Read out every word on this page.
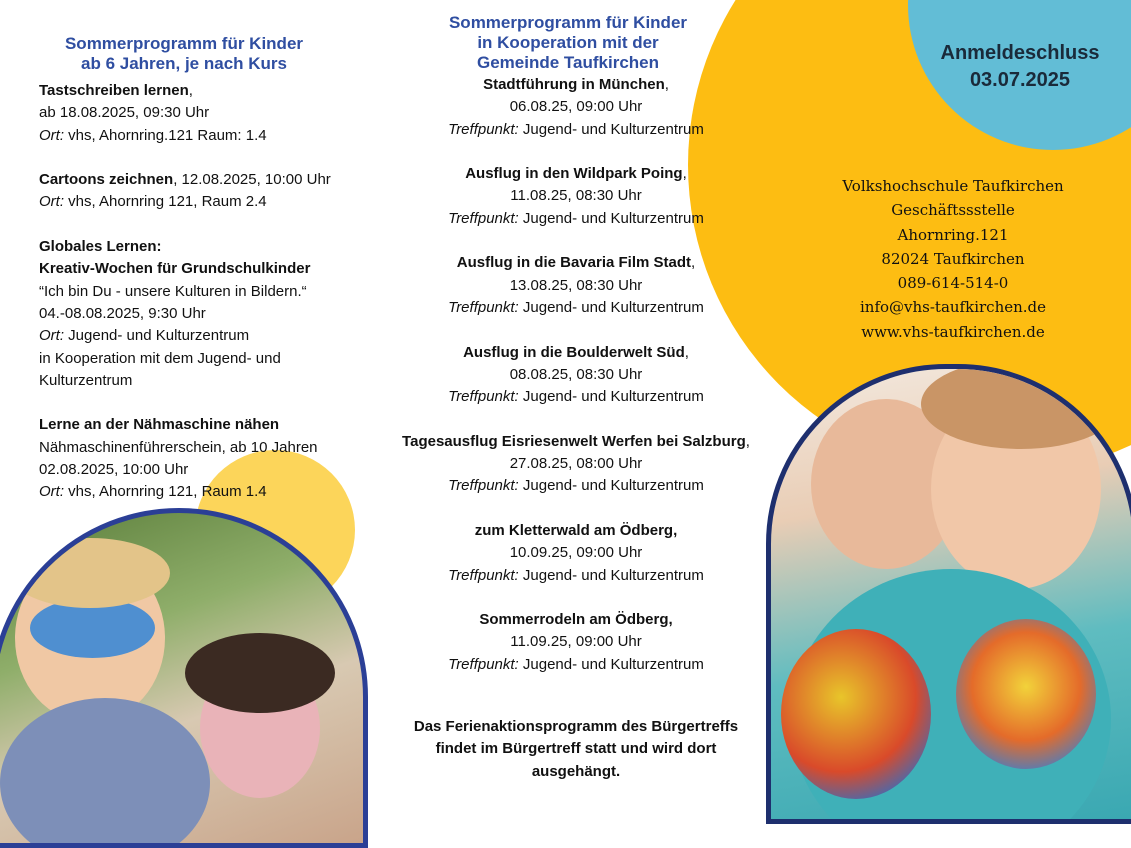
Sommerprogramm für Kinder
ab 6 Jahren, je nach Kurs
Tastschreiben lernen,
ab 18.08.2025, 09:30 Uhr
Ort: vhs, Ahornring.121 Raum: 1.4
Cartoons zeichnen, 12.08.2025, 10:00 Uhr
Ort: vhs, Ahornring 121, Raum 2.4
Globales Lernen:
Kreativ-Wochen für Grundschulkinder
“Ich bin Du - unsere Kulturen in Bildern.“
04.-08.08.2025, 9:30 Uhr
Ort: Jugend- und Kulturzentrum
in Kooperation mit dem Jugend- und
Kulturzentrum
Lerne an der Nähmaschine nähen
Nähmaschinenführerschein, ab 10 Jahren
02.08.2025, 10:00 Uhr
Ort: vhs, Ahornring 121, Raum 1.4
Sommerprogramm für Kinder
in Kooperation mit der
Gemeinde Taufkirchen
Stadtführung in München,
06.08.25, 09:00 Uhr
Treffpunkt: Jugend- und Kulturzentrum
Ausflug in den Wildpark Poing,
11.08.25, 08:30 Uhr
Treffpunkt: Jugend- und Kulturzentrum
Ausflug in die Bavaria Film Stadt,
13.08.25, 08:30 Uhr
Treffpunkt: Jugend- und Kulturzentrum
Ausflug in die Boulderwelt Süd,
08.08.25, 08:30 Uhr
Treffpunkt: Jugend- und Kulturzentrum
Tagesausflug Eisriesenwelt Werfen bei Salzburg,
27.08.25, 08:00 Uhr
Treffpunkt: Jugend- und Kulturzentrum
zum Kletterwald am Ödberg,
10.09.25, 09:00 Uhr
Treffpunkt: Jugend- und Kulturzentrum
Sommerrodeln am Ödberg,
11.09.25, 09:00 Uhr
Treffpunkt: Jugend- und Kulturzentrum
Das Ferienaktionsprogramm des Bürgertreffs
findet im Bürgertreff statt und wird dort
ausgehängt.
Anmeldeschluss
03.07.2025
Volkshochschule Taufkirchen
Geschäftssstelle
Ahornring.121
82024 Taufkirchen
089-614-514-0
info@vhs-taufkirchen.de
www.vhs-taufkirchen.de
